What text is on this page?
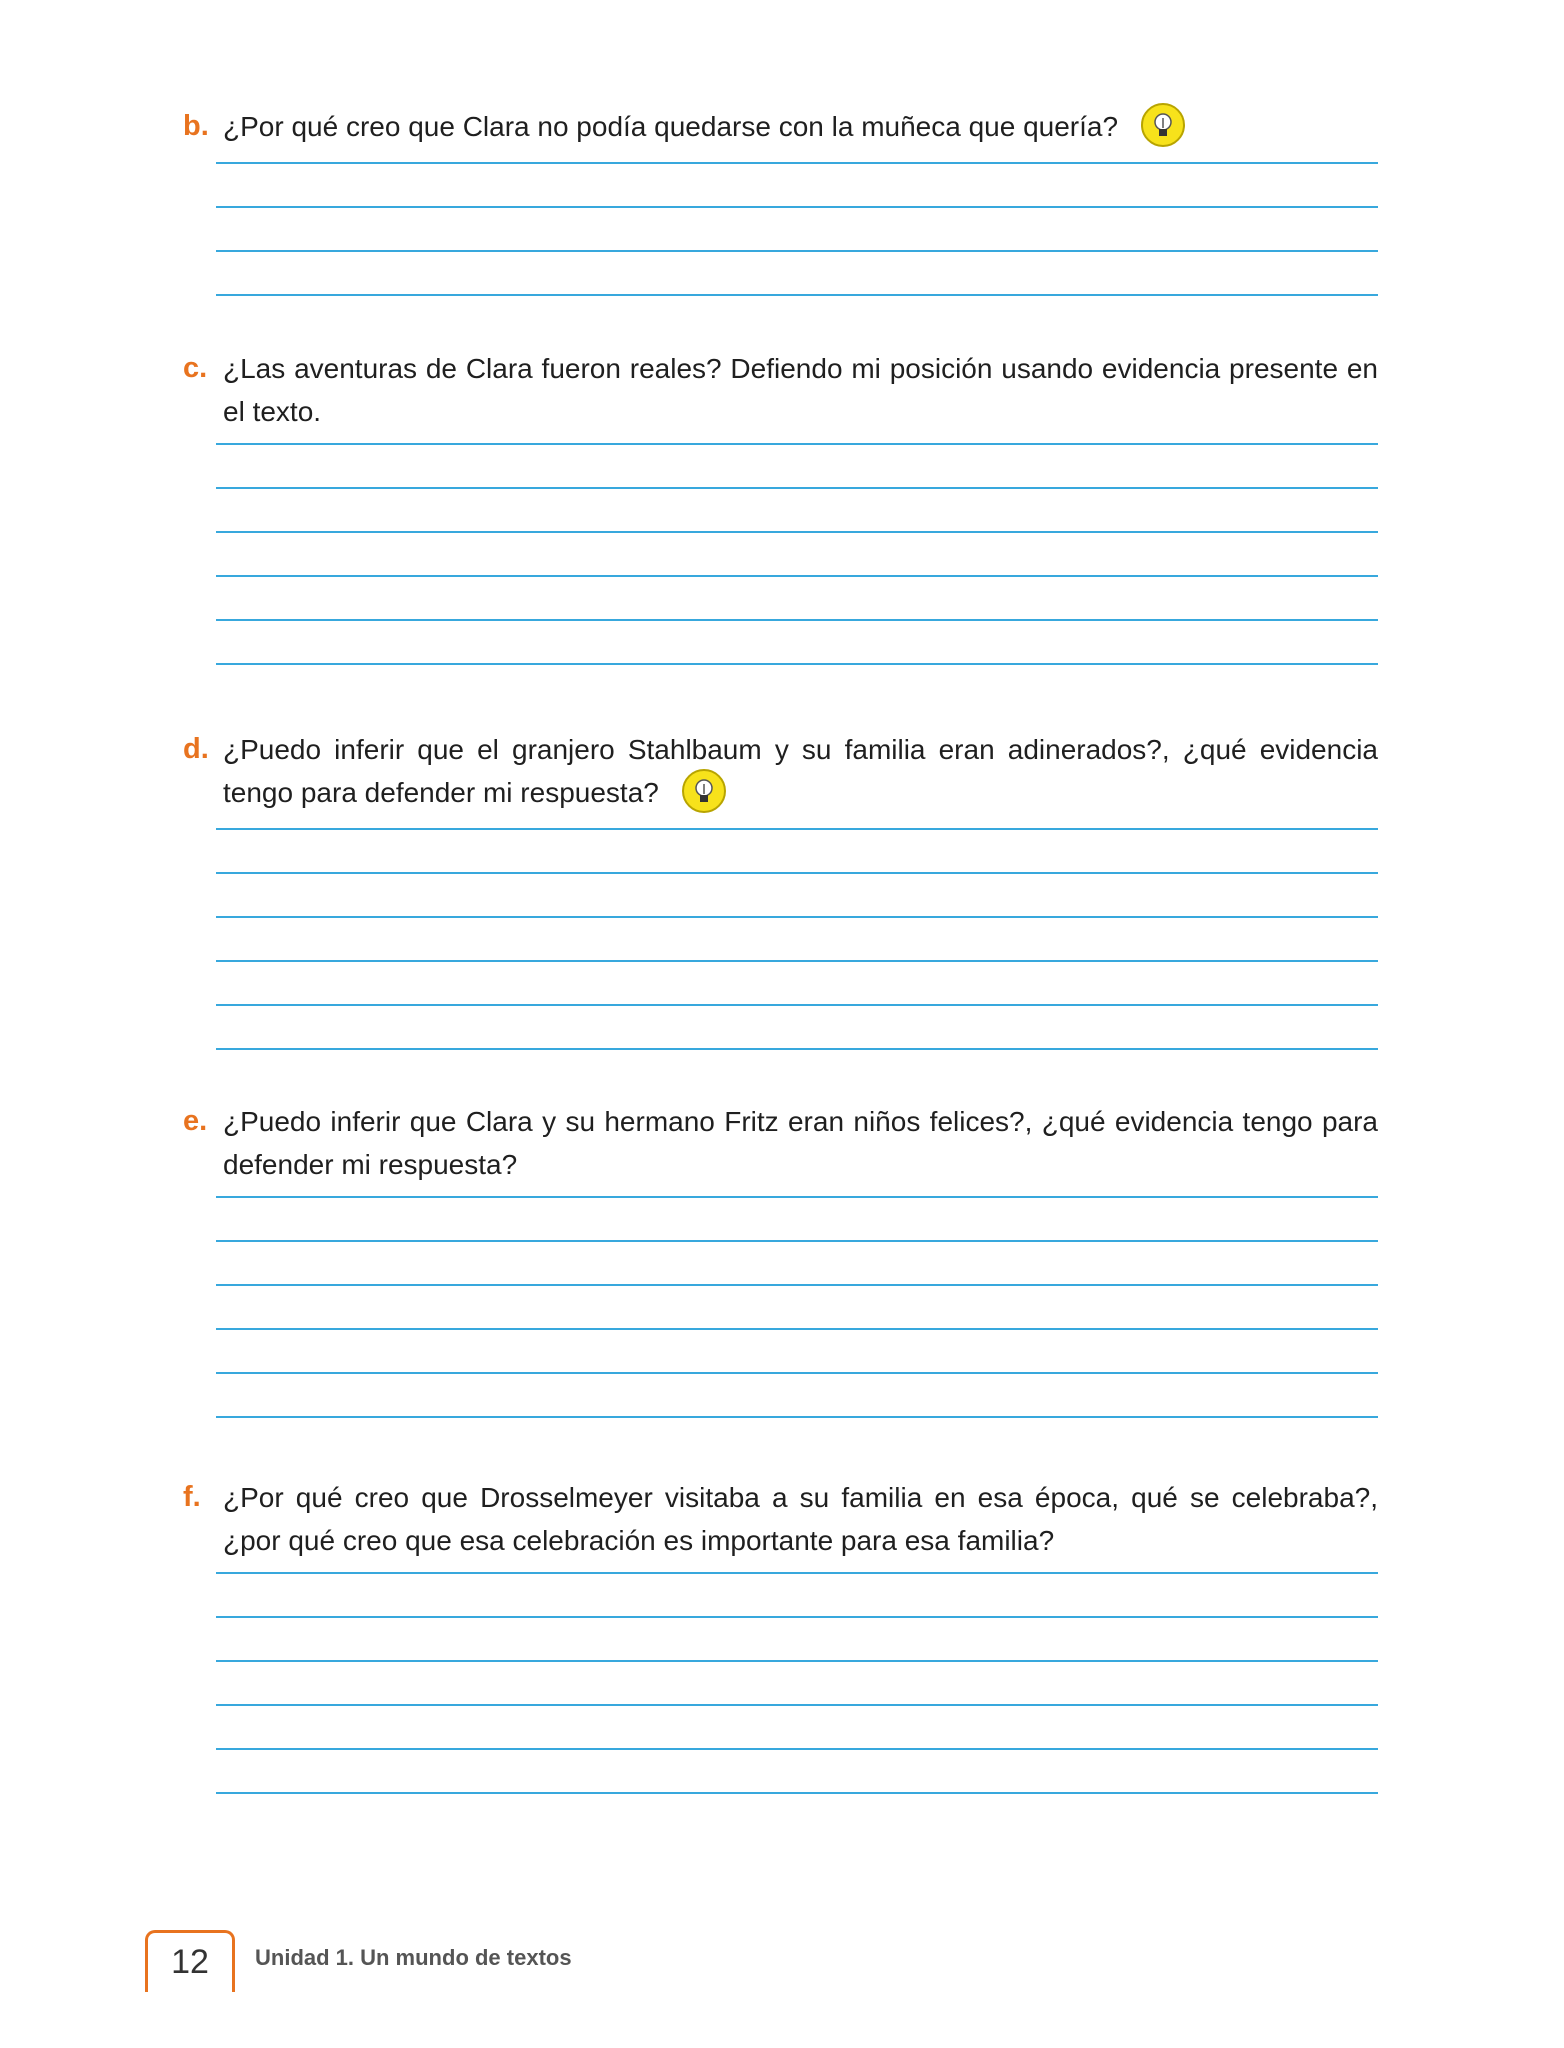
b. ¿Por qué creo que Clara no podía quedarse con la muñeca que quería?
c. ¿Las aventuras de Clara fueron reales? Defiendo mi posición usando evidencia presente en el texto.
d. ¿Puedo inferir que el granjero Stahlbaum y su familia eran adinerados?, ¿qué evidencia tengo para defender mi respuesta?
e. ¿Puedo inferir que Clara y su hermano Fritz eran niños felices?, ¿qué evidencia tengo para defender mi respuesta?
f. ¿Por qué creo que Drosselmeyer visitaba a su familia en esa época, qué se celebraba?, ¿por qué creo que esa celebración es importante para esa familia?
12	Unidad 1. Un mundo de textos
